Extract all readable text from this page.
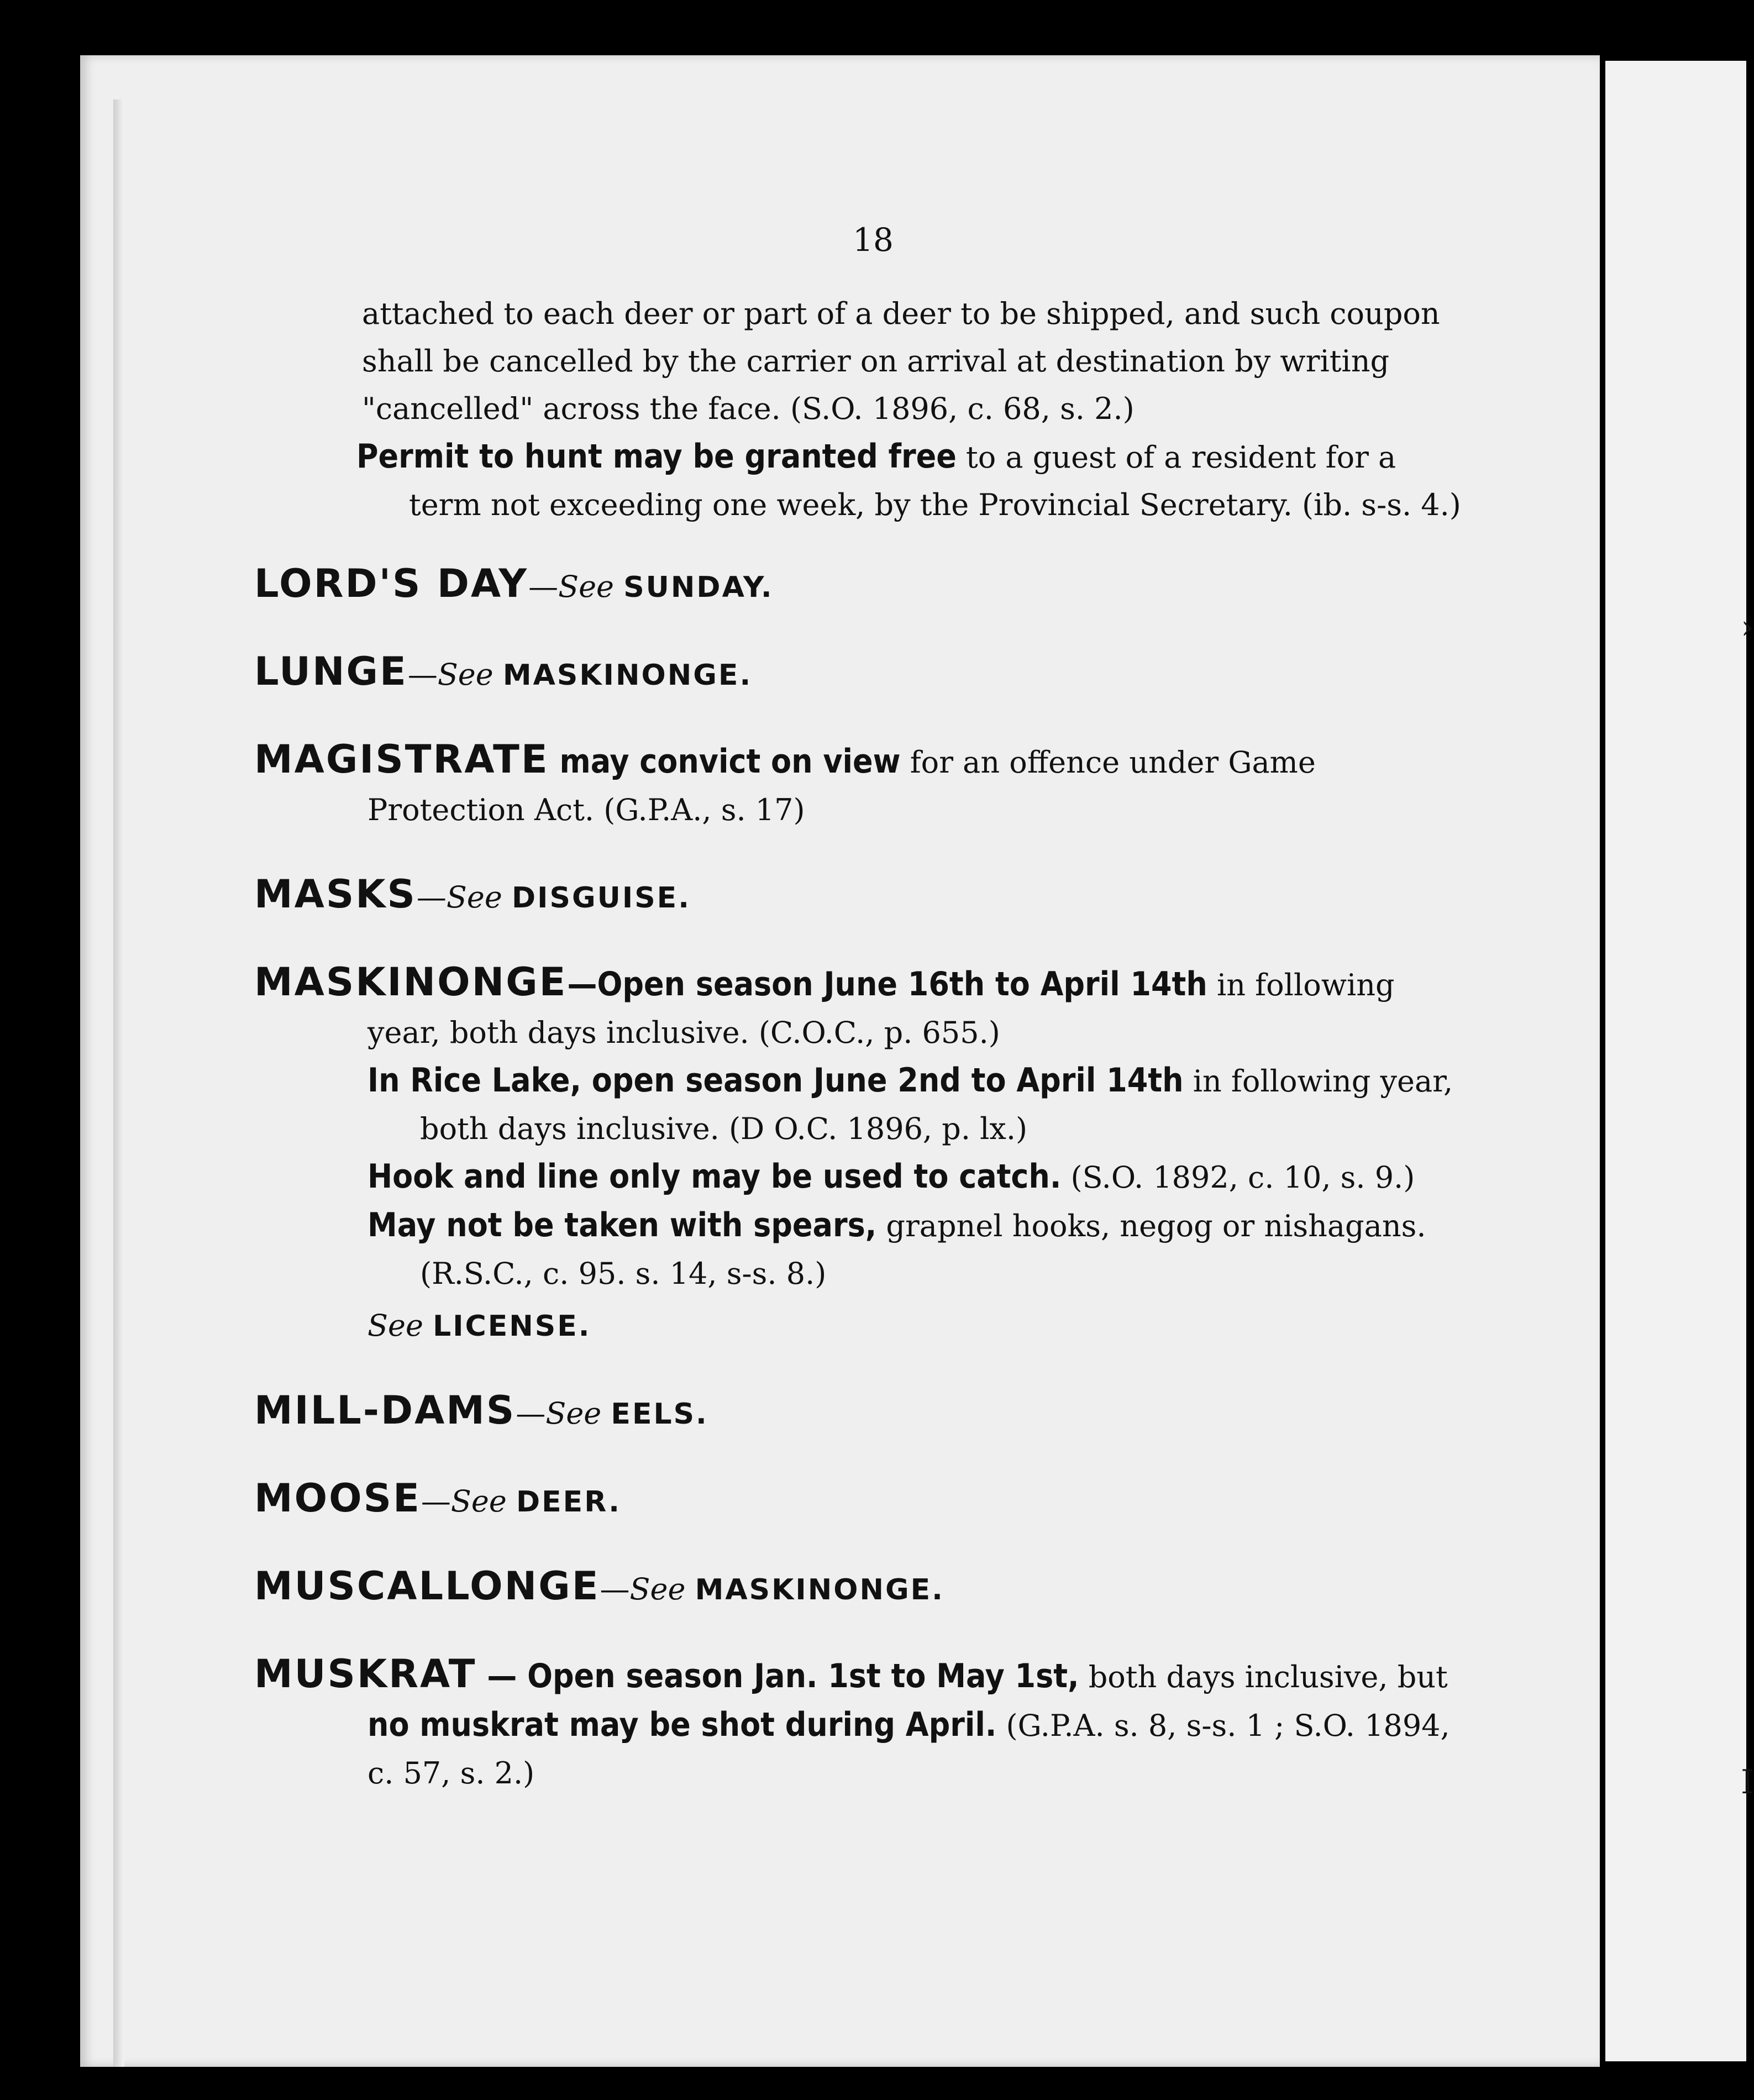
›
I
18

attached to each deer or part of a deer to be shipped, and such coupon shall be cancelled by the carrier on arrival at destination by writing "cancelled" across the face. (S.O. 1896, c. 68, s. 2.)

Permit to hunt may be granted free to a guest of a resident for a term not exceeding one week, by the Provincial Secretary. (ib. s-s. 4.)

LORD'S DAY—See SUNDAY.

LUNGE—See MASKINONGE.

MAGISTRATE may convict on view for an offence under Game Protection Act. (G.P.A., s. 17)

MASKS—See DISGUISE.

MASKINONGE—Open season June 16th to April 14th in following year, both days inclusive. (C.O.C., p. 655.)

In Rice Lake, open season June 2nd to April 14th in following year, both days inclusive. (D O.C. 1896, p. lx.)

Hook and line only may be used to catch. (S.O. 1892, c. 10, s. 9.)

May not be taken with spears, grapnel hooks, negog or nishagans. (R.S.C., c. 95. s. 14, s-s. 8.)

See LICENSE.

MILL-DAMS—See EELS.

MOOSE—See DEER.

MUSCALLONGE—See MASKINONGE.

MUSKRAT — Open season Jan. 1st to May 1st, both days inclusive, but no muskrat may be shot during April. (G.P.A. s. 8, s-s. 1 ; S.O. 1894, c. 57, s. 2.)
